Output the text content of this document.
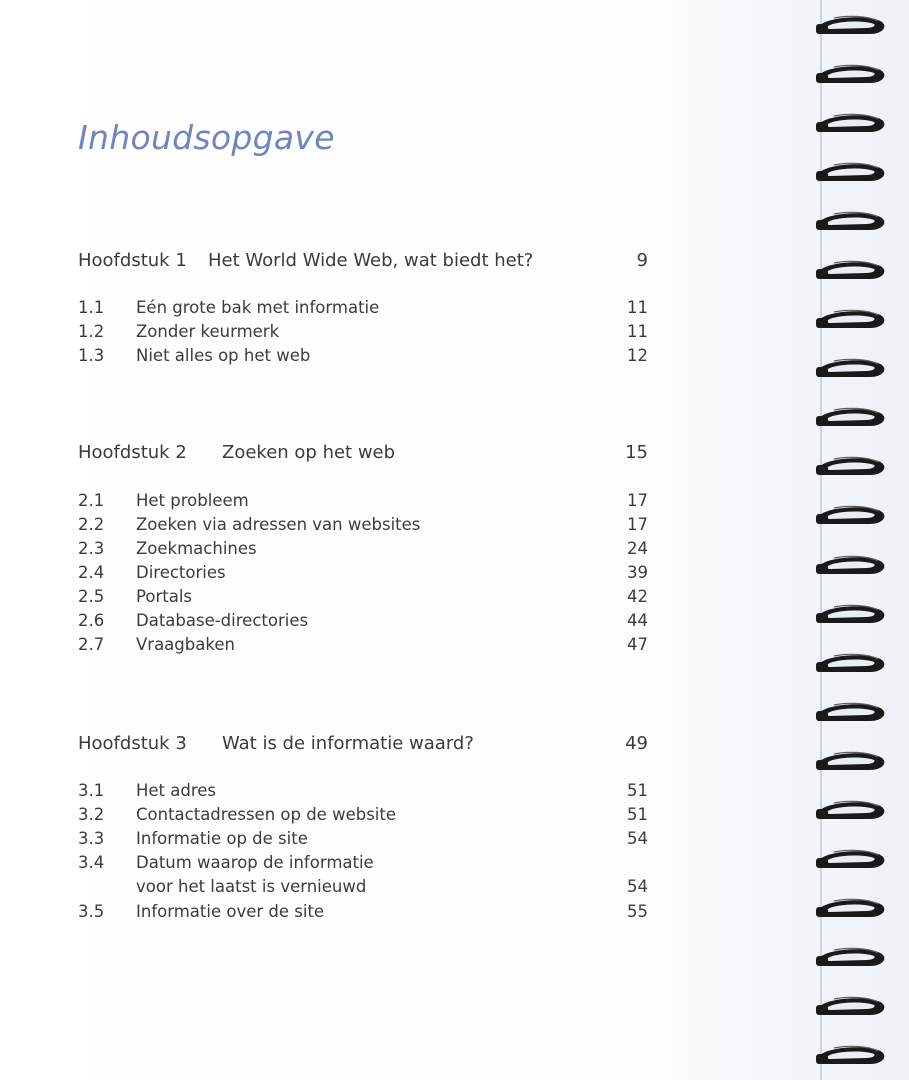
Inhoudsopgave
Hoofdstuk 1 Het World Wide Web, wat biedt het?	9
1.1 Eén grote bak met informatie	11
1.2 Zonder keurmerk	11
1.3 Niet alles op het web	12
Hoofdstuk 2 Zoeken op het web	15
2.1 Het probleem	17
2.2 Zoeken via adressen van websites	17
2.3 Zoekmachines	24
2.4 Directories	39
2.5 Portals	42
2.6 Database-directories	44
2.7 Vraagbaken	47
Hoofdstuk 3 Wat is de informatie waard?	49
3.1 Het adres	51
3.2 Contactadressen op de website	51
3.3 Informatie op de site	54
3.4 Datum waarop de informatie
voor het laatst is vernieuwd	54
3.5 Informatie over de site	55
